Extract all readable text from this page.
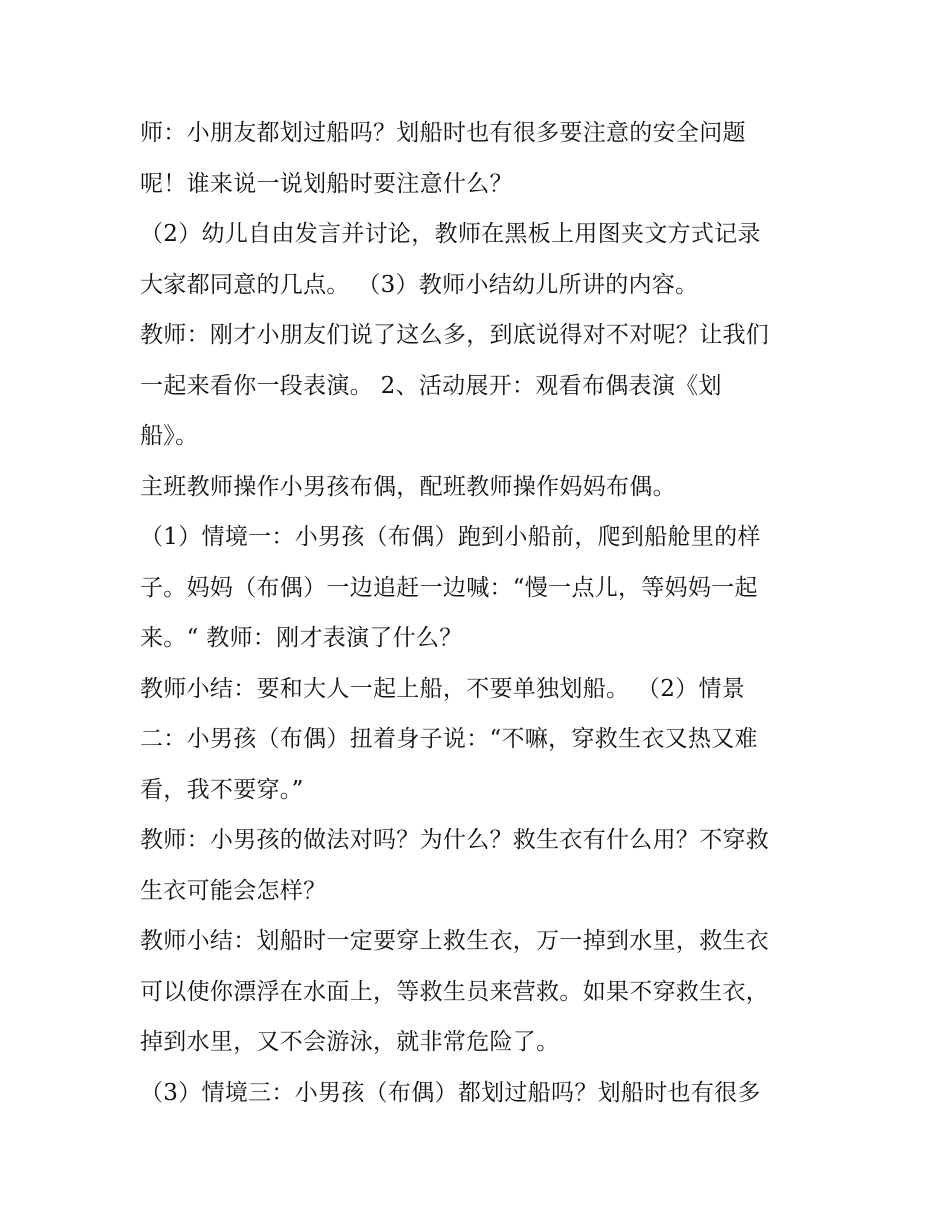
师：小朋友都划过船吗？划船时也有很多要注意的安全问题
呢！谁来说一说划船时要注意什么？
（2）幼儿自由发言并讨论，教师在黑板上用图夹文方式记录
大家都同意的几点。 （3）教师小结幼儿所讲的内容。
教师：刚才小朋友们说了这么多，到底说得对不对呢？让我们
一起来看你一段表演。 2、活动展开：观看布偶表演《划
船》。
主班教师操作小男孩布偶，配班教师操作妈妈布偶。
（1）情境一：小男孩（布偶）跑到小船前，爬到船舱里的样
子。妈妈（布偶）一边追赶一边喊：“慢一点儿，等妈妈一起
来。“ 教师：刚才表演了什么？
教师小结：要和大人一起上船，不要单独划船。 （2）情景
二：小男孩（布偶）扭着身子说：“不嘛，穿救生衣又热又难
看，我不要穿。”
教师：小男孩的做法对吗？为什么？救生衣有什么用？不穿救
生衣可能会怎样？
教师小结：划船时一定要穿上救生衣，万一掉到水里，救生衣
可以使你漂浮在水面上，等救生员来营救。如果不穿救生衣，
掉到水里，又不会游泳，就非常危险了。
（3）情境三：小男孩（布偶）都划过船吗？划船时也有很多
